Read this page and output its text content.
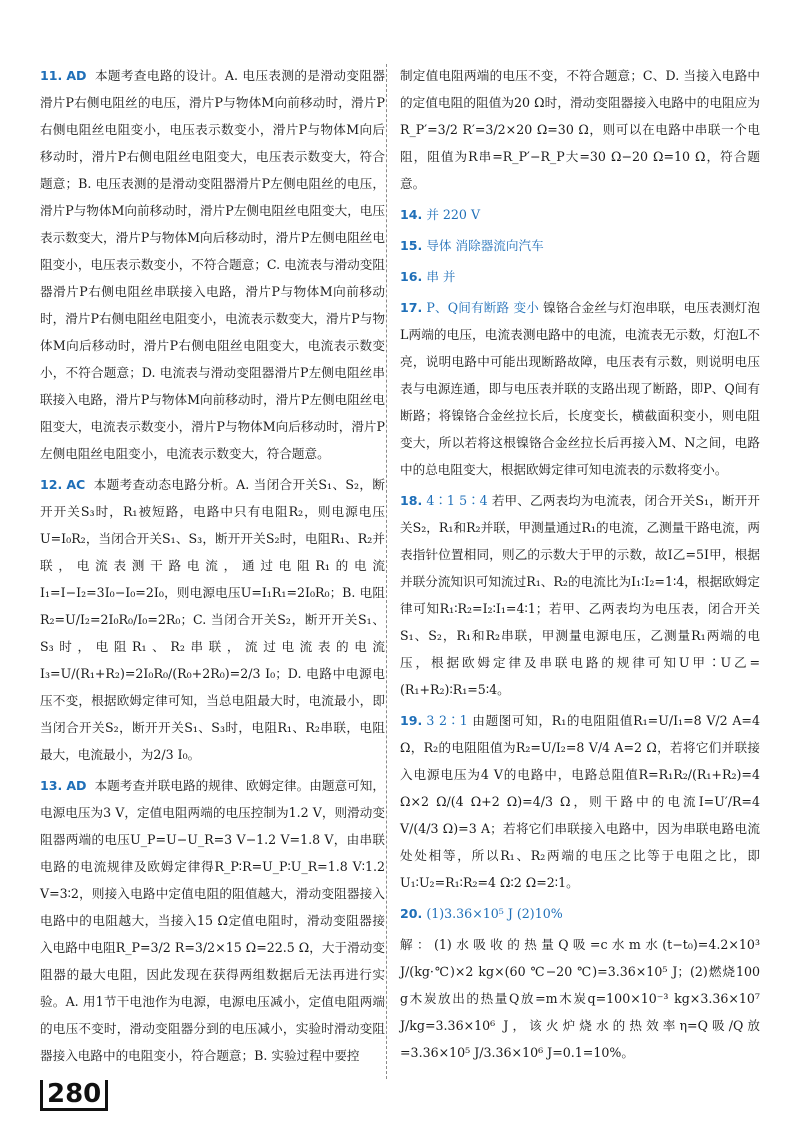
11. AD 本题考查电路的设计。A. 电压表测的是滑动变阻器滑片P右侧电阻丝的电压，滑片P与物体M向前移动时，滑片P右侧电阻丝电阻变小，电压表示数变小，滑片P与物体M向后移动时，滑片P右侧电阻丝电阻变大，电压表示数变大，符合题意；B. 电压表测的是滑动变阻器滑片P左侧电阻丝的电压，滑片P与物体M向前移动时，滑片P左侧电阻丝电阻变大，电压表示数变大，滑片P与物体M向后移动时，滑片P左侧电阻丝电阻变小，电压表示数变小，不符合题意；C. 电流表与滑动变阻器滑片P右侧电阻丝串联接入电路，滑片P与物体M向前移动时，滑片P右侧电阻丝电阻变小，电流表示数变大，滑片P与物体M向后移动时，滑片P右侧电阻丝电阻变大，电流表示数变小，不符合题意；D. 电流表与滑动变阻器滑片P左侧电阻丝串联接入电路，滑片P与物体M向前移动时，滑片P左侧电阻丝电阻变大，电流表示数变小，滑片P与物体M向后移动时，滑片P左侧电阻丝电阻变小，电流表示数变大，符合题意。
12. AC 本题考查动态电路分析。A. 当闭合开关S₁、S₂，断开开关S₃时，R₁被短路，电路中只有电阻R₂，则电源电压U=I₀R₂，当闭合开关S₁、S₃，断开开关S₂时，电阻R₁、R₂并联，电流表测干路电流，通过电阻R₁的电流I₁=I−I₂=3I₀−I₀=2I₀，则电源电压U=I₁R₁=2I₀R₀；B. 电阻R₂=U/I₂=2I₀R₀/I₀=2R₀；C. 当闭合开关S₂，断开开关S₁、S₃时，电阻R₁、R₂串联，流过电流表的电流I₃=U/(R₁+R₂)=2I₀R₀/(R₀+2R₀)=2/3 I₀；D. 电路中电源电压不变，根据欧姆定律可知，当总电阻最大时，电流最小，即当闭合开关S₂，断开开关S₁、S₃时，电阻R₁、R₂串联，电阻最大，电流最小，为2/3 I₀。
13. AD 本题考查并联电路的规律、欧姆定律。由题意可知，电源电压为3 V，定值电阻两端的电压控制为1.2 V，则滑动变阻器两端的电压U_P=U−U_R=3 V−1.2 V=1.8 V，由串联电路的电流规律及欧姆定律得R_P∶R=U_P∶U_R=1.8 V∶1.2 V=3∶2，则接入电路中定值电阻的阻值越大，滑动变阻器接入电路中的电阻越大，当接入15 Ω定值电阻时，滑动变阻器接入电路中电阻R_P=3/2 R=3/2×15 Ω=22.5 Ω，大于滑动变阻器的最大电阻，因此发现在获得两组数据后无法再进行实验。A. 用1节干电池作为电源，电源电压减小，定值电阻两端的电压不变时，滑动变阻器分到的电压减小，实验时滑动变阻器接入电路中的电阻变小，符合题意；B. 实验过程中要控
制定值电阻两端的电压不变，不符合题意；C、D. 当接入电路中的定值电阻的阻值为20 Ω时，滑动变阻器接入电路中的电阻应为R_P′=3/2 R′=3/2×20 Ω=30 Ω，则可以在电路中串联一个电阻，阻值为R串=R_P′−R_P大=30 Ω−20 Ω=10 Ω，符合题意。
14. 并 220 V
15. 导体 消除器流向汽车
16. 串 并
17. P、Q间有断路 变小 镍铬合金丝与灯泡串联，电压表测灯泡L两端的电压，电流表测电路中的电流，电流表无示数，灯泡L不亮，说明电路中可能出现断路故障，电压表有示数，则说明电压表与电源连通，即与电压表并联的支路出现了断路，即P、Q间有断路；将镍铬合金丝拉长后，长度变长，横截面积变小，则电阻变大，所以若将这根镍铬合金丝拉长后再接入M、N之间，电路中的总电阻变大，根据欧姆定律可知电流表的示数将变小。
18. 4∶1 5∶4 若甲、乙两表均为电流表，闭合开关S₁，断开开关S₂，R₁和R₂并联，甲测量通过R₁的电流，乙测量干路电流，两表指针位置相同，则乙的示数大于甲的示数，故I乙=5I甲，根据并联分流知识可知流过R₁、R₂的电流比为I₁∶I₂=1∶4，根据欧姆定律可知R₁∶R₂=I₂∶I₁=4∶1；若甲、乙两表均为电压表，闭合开关S₁、S₂，R₁和R₂串联，甲测量电源电压，乙测量R₁两端的电压，根据欧姆定律及串联电路的规律可知U甲∶U乙=(R₁+R₂)∶R₁=5∶4。
19. 3 2∶1 由题图可知，R₁的电阻阻值R₁=U/I₁=8 V/2 A=4 Ω，R₂的电阻阻值为R₂=U/I₂=8 V/4 A=2 Ω，若将它们并联接入电源电压为4 V的电路中，电路总阻值R=R₁R₂/(R₁+R₂)=4 Ω×2 Ω/(4 Ω+2 Ω)=4/3 Ω，则干路中的电流I=U′/R=4 V/(4/3 Ω)=3 A；若将它们串联接入电路中，因为串联电路电流处处相等，所以R₁、R₂两端的电压之比等于电阻之比，即U₁∶U₂=R₁∶R₂=4 Ω∶2 Ω=2∶1。
20. (1)3.36×10⁵ J (2)10%
解：(1)水吸收的热量Q吸=c水m水(t−t₀)=4.2×10³ J/(kg·℃)×2 kg×(60 ℃−20 ℃)=3.36×10⁵ J；(2)燃烧100 g木炭放出的热量Q放=m木炭q=100×10⁻³ kg×3.36×10⁷ J/kg=3.36×10⁶ J，该火炉烧水的热效率η=Q吸/Q放=3.36×10⁵ J/3.36×10⁶ J=0.1=10%。
280
